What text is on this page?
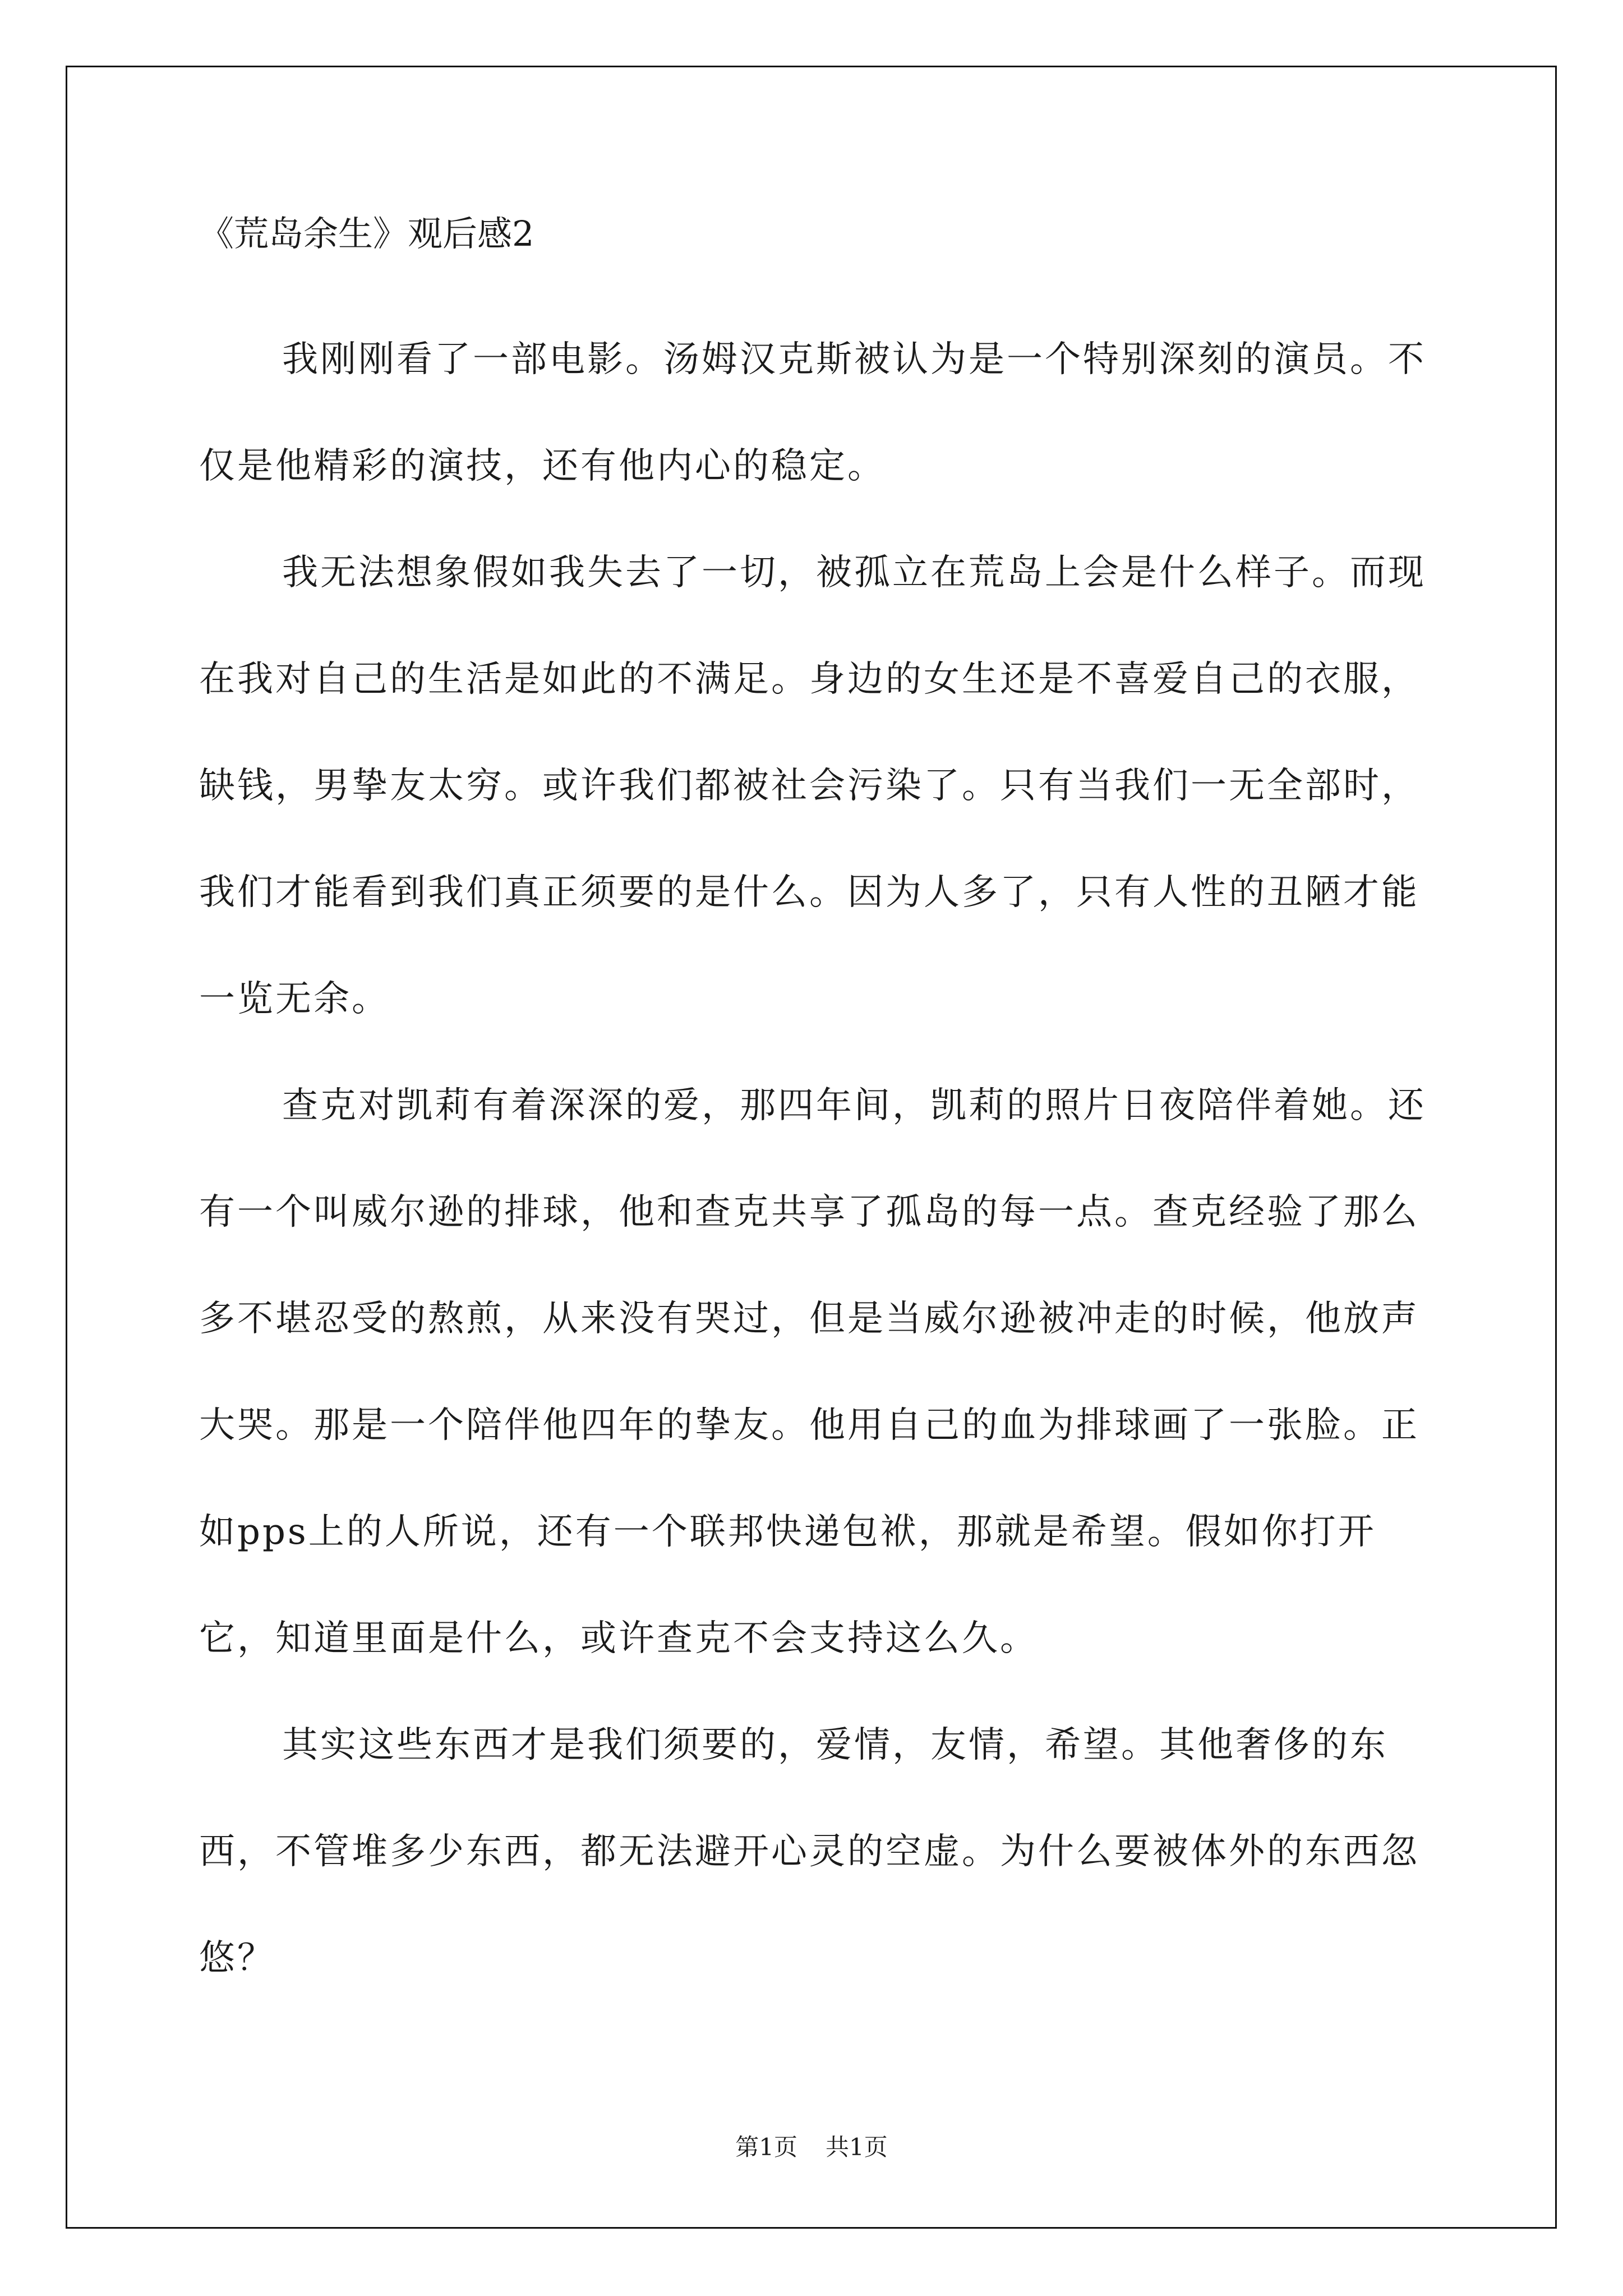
《荒岛余生》观后感2

我刚刚看了一部电影。汤姆汉克斯被认为是一个特别深刻的演员。不仅是他精彩的演技，还有他内心的稳定。

我无法想象假如我失去了一切，被孤立在荒岛上会是什么样子。而现在我对自己的生活是如此的不满足。身边的女生还是不喜爱自己的衣服，缺钱，男挚友太穷。或许我们都被社会污染了。只有当我们一无全部时，我们才能看到我们真正须要的是什么。因为人多了，只有人性的丑陋才能一览无余。

查克对凯莉有着深深的爱，那四年间，凯莉的照片日夜陪伴着她。还有一个叫威尔逊的排球，他和查克共享了孤岛的每一点。查克经验了那么多不堪忍受的熬煎，从来没有哭过，但是当威尔逊被冲走的时候，他放声大哭。那是一个陪伴他四年的挚友。他用自己的血为排球画了一张脸。正如pps上的人所说，还有一个联邦快递包袱，那就是希望。假如你打开它，知道里面是什么，或许查克不会支持这么久。

其实这些东西才是我们须要的，爱情，友情，希望。其他奢侈的东西，不管堆多少东西，都无法避开心灵的空虚。为什么要被体外的东西忽悠？

第1页 共1页
